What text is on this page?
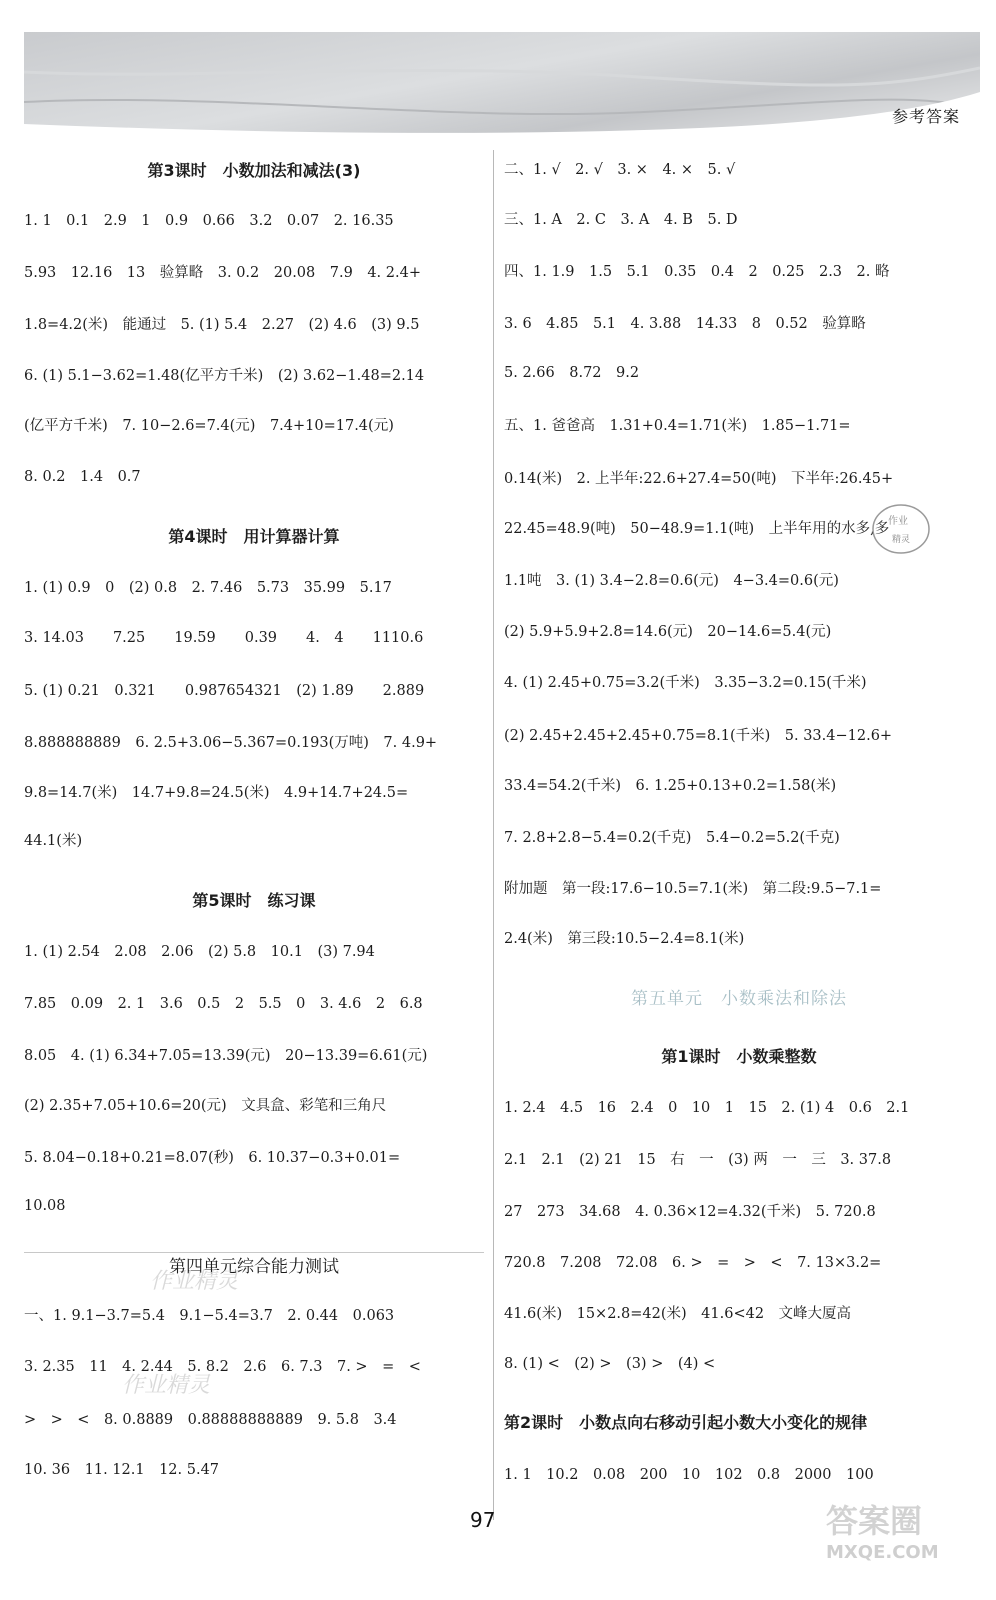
参考答案
第3课时　小数加法和减法(3)
1. 1　0.1　2.9　1　0.9　0.66　3.2　0.07　2. 16.35
5.93　12.16　13　验算略　3. 0.2　20.08　7.9　4. 2.4+
1.8=4.2(米)　能通过　5. (1) 5.4　2.27　(2) 4.6　(3) 9.5
6. (1) 5.1−3.62=1.48(亿平方千米)　(2) 3.62−1.48=2.14
(亿平方千米)　7. 10−2.6=7.4(元)　7.4+10=17.4(元)
8. 0.2　1.4　0.7
第4课时　用计算器计算
1. (1) 0.9　0　(2) 0.8　2. 7.46　5.73　35.99　5.17
3. 14.03　　7.25　　19.59　　0.39　　4.　4　　1110.6
5. (1) 0.21　0.321　　0.987654321　(2) 1.89　　2.889
8.888888889　6. 2.5+3.06−5.367=0.193(万吨)　7. 4.9+
9.8=14.7(米)　14.7+9.8=24.5(米)　4.9+14.7+24.5=
44.1(米)
第5课时　练习课
1. (1) 2.54　2.08　2.06　(2) 5.8　10.1　(3) 7.94
7.85　0.09　2. 1　3.6　0.5　2　5.5　0　3. 4.6　2　6.8
8.05　4. (1) 6.34+7.05=13.39(元)　20−13.39=6.61(元)
(2) 2.35+7.05+10.6=20(元)　文具盒、彩笔和三角尺
5. 8.04−0.18+0.21=8.07(秒)　6. 10.37−0.3+0.01=
10.08
第四单元综合能力测试
一、1. 9.1−3.7=5.4　9.1−5.4=3.7　2. 0.44　0.063
3. 2.35　11　4. 2.44　5. 8.2　2.6　6. 7.3　7. >　=　<
>　>　<　8. 0.8889　0.88888888889　9. 5.8　3.4
10. 36　11. 12.1　12. 5.47
作业精灵
作业精灵
二、1. √　2. √　3. ×　4. ×　5. √
三、1. A　2. C　3. A　4. B　5. D
四、1. 1.9　1.5　5.1　0.35　0.4　2　0.25　2.3　2. 略
3. 6　4.85　5.1　4. 3.88　14.33　8　0.52　验算略
5. 2.66　8.72　9.2
五、1. 爸爸高　1.31+0.4=1.71(米)　1.85−1.71=
0.14(米)　2. 上半年:22.6+27.4=50(吨)　下半年:26.45+
22.45=48.9(吨)　50−48.9=1.1(吨)　上半年用的水多,多
1.1吨　3. (1) 3.4−2.8=0.6(元)　4−3.4=0.6(元)
(2) 5.9+5.9+2.8=14.6(元)　20−14.6=5.4(元)
4. (1) 2.45+0.75=3.2(千米)　3.35−3.2=0.15(千米)
(2) 2.45+2.45+2.45+0.75=8.1(千米)　5. 33.4−12.6+
33.4=54.2(千米)　6. 1.25+0.13+0.2=1.58(米)
7. 2.8+2.8−5.4=0.2(千克)　5.4−0.2=5.2(千克)
附加题　第一段:17.6−10.5=7.1(米)　第二段:9.5−7.1=
2.4(米)　第三段:10.5−2.4=8.1(米)
第五单元　小数乘法和除法
第1课时　小数乘整数
1. 2.4　4.5　16　2.4　0　10　1　15　2. (1) 4　0.6　2.1
2.1　2.1　(2) 21　15　右　一　(3) 两　一　三　3. 37.8
27　273　34.68　4. 0.36×12=4.32(千米)　5. 720.8
720.8　7.208　72.08　6. >　=　>　<　7. 13×3.2=
41.6(米)　15×2.8=42(米)　41.6<42　文峰大厦高
8. (1) <　(2) >　(3) >　(4) <
第2课时　小数点向右移动引起小数大小变化的规律
1. 1　10.2　0.08　200　10　102　0.8　2000　100
作业
精灵
97	答案圈
MXQE.COM
